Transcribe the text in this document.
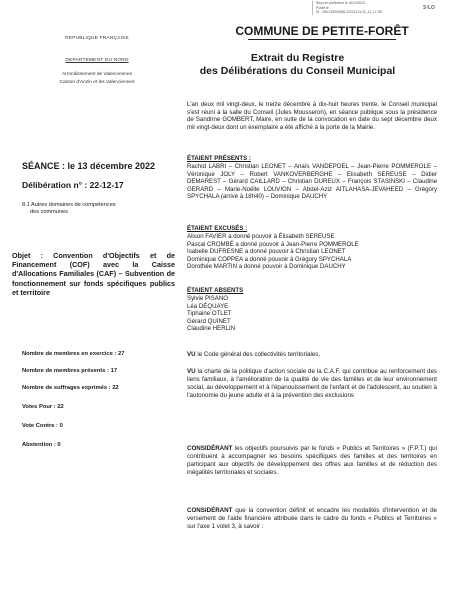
Reçu en préfecture le 15/12/2022
Publié le
ID : 059-215904566-20221213-22_12_17-DE
S²LO
REPUBLIQUE FRANÇAISE
DEPARTEMENT DU NORD
Arrondissement de Valenciennes
Canton d'Anzin et les Valenciennes
COMMUNE DE PETITE-FORÊT
Extrait du Registre
des Délibérations du Conseil Municipal
SÉANCE : le 13 décembre 2022
Délibération n° : 22-12-17
8.1 Autres domaines de compétences
des communes
Objet : Convention d'Objectifs et de Financement (COF) avec la Caisse d'Allocations Familiales (CAF) – Subvention de fonctionnement sur fonds spécifiques publics et territoire
L'an deux mil vingt-deux, le treize décembre à dix-huit heures trente, le Conseil municipal s'est réuni à la salle du Conseil (Jules Mousseron), en séance publique sous la présidence de Sandrine GOMBERT, Maire, en suite de la convocation en date du sept décembre deux mil vingt-deux dont un exemplaire a été affiché à la porte de la Mairie.
ÉTAIENT PRÉSENTS :
Rachid LABRI – Christian LEONET – Anaïs VANDEPOEL – Jean-Pierre POMMEROLE – Véronique JOLY – Robert VANKOVERBERGHE – Elisabeth SEREUSE – Didier DEMAREST – Gérard CAILLARD – Christian DUREUX – François STASINSKI – Claudine GERARD – Marie-Noëlle LOUVION – Abdel-Aziz AITLAHASA-JEVAHEED – Grégory SPYCHALA (arrivé à 18h40) – Dominique DAUCHY
ÉTAIENT EXCUSÉS :
Alison FAVIER a donné pouvoir à Élisabeth SEREUSE
Pascal CROMBÉ a donné pouvoir à Jean-Pierre POMMEROLE
Isabelle DUFRESNE a donné pouvoir à Christian LEONET
Dominique COPPEA a donné pouvoir à Grégory SPYCHALA
Dorothée MARTIN a donné pouvoir à Dominique DAUCHY
ÉTAIENT ABSENTS
Sylvie PISANO
Léa DÉQUAYE
Tiphaine OTLET
Gérard QUINET
Claudine HERLIN
Nombre de membres en exercice : 27
Nombre de membres présents : 17
Nombre de suffrages exprimés : 22
Votes Pour : 22
Vote Contre : 0
Abstention : 0
VU le Code général des collectivités territoriales,
VU la charte de la politique d'action sociale de la C.A.F. qui contribue au renforcement des liens familiaux, à l'amélioration de la qualité de vie des familles et de leur environnement social, au développement et à l'épanouissement de l'enfant et de l'adolescent, au soutien à l'autonomie du jeune adulte et à la prévention des exclusions
CONSIDÉRANT les objectifs poursuivis par le fonds « Publics et Territoires » (F.P.T.) qui contribuent à accompagner les besoins spécifiques des familles et des territoires en participant aux objectifs de développement des offres aux familles et de réduction des inégalités territoriales et sociales.
CONSIDÉRANT que la convention définit et encadre les modalités d'intervention et de versement de l'aide financière attribuée dans le cadre du fonds « Publics et Territoires » sur l'axe 1 volet 3, à savoir :
